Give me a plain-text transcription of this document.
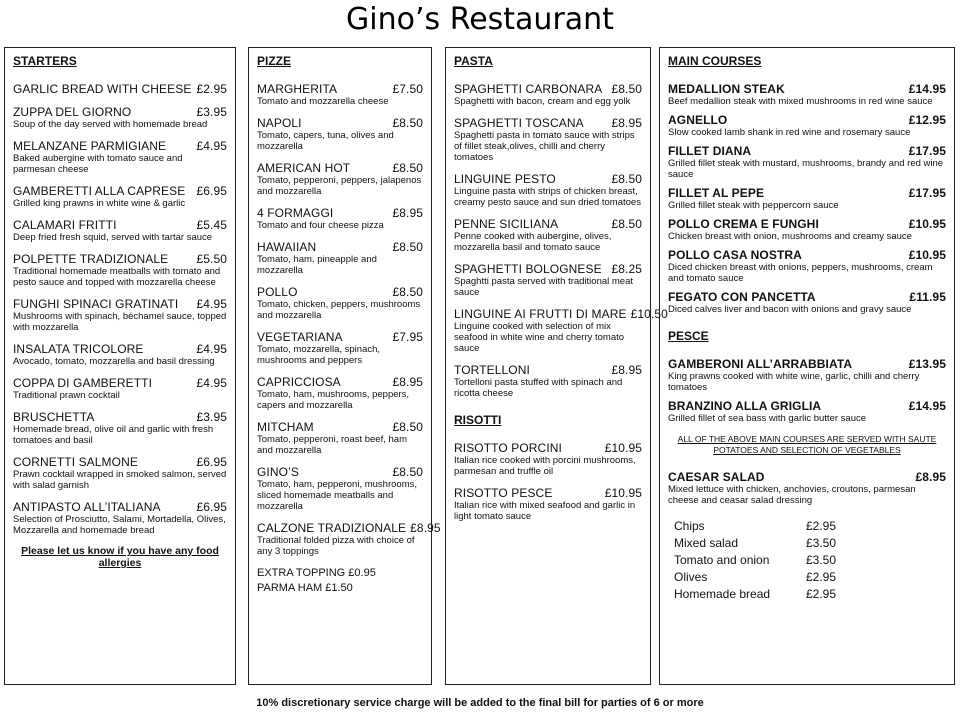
Gino’s Restaurant
STARTERS
GARLIC BREAD WITH CHEESE £2.95
ZUPPA DEL GIORNO	£3.95
Soup of the day served with homemade bread
MELANZANE PARMIGIANE	£4.95
Baked aubergine with tomato sauce and parmesan cheese
GAMBERETTI ALLA CAPRESE £6.95
Grilled king prawns in white wine & garlic
CALAMARI FRITTI	£5.45
Deep fried fresh squid, served with tartar sauce
POLPETTE TRADIZIONALE £5.50
Traditional homemade meatballs with tomato and pesto sauce and topped with mozzarella cheese
FUNGHI SPINACI GRATINATI £4.95
Mushrooms with spinach, béchamel sauce, topped with mozzarella
INSALATA TRICOLORE	£4.95
Avocado, tomato, mozzarella and basil dressing
COPPA DI GAMBERETTI	£4.95
Traditional prawn cocktail
BRUSCHETTA	£3.95
Homemade bread, olive oil and garlic with fresh tomatoes and basil
CORNETTI SALMONE	£6.95
Prawn cocktail wrapped in smoked salmon, served with salad garnish
ANTIPASTO ALL’ITALIANA	£6.95
Selection of Prosciutto, Salami, Mortadella, Olives, Mozzarella and homemade bread
Please let us know if you have any food allergies
PIZZE
MARGHERITA	£7.50
Tomato and mozzarella cheese
NAPOLI	£8.50
Tomato, capers, tuna, olives and mozzarella
AMERICAN HOT	£8.50
Tomato, pepperoni, peppers, jalapenos and mozzarella
4 FORMAGGI	£8.95
Tomato and four cheese pizza
HAWAIIAN	£8.50
Tomato, ham, pineapple and mozzarella
POLLO	£8.50
Tomato, chicken, peppers, mushrooms and mozzarella
VEGETARIANA	£7.95
Tomato, mozzarella, spinach, mushrooms and peppers
CAPRICCIOSA	£8.95
Tomato, ham, mushrooms, peppers, capers and mozzarella
MITCHAM	£8.50
Tomato, pepperoni, roast beef, ham and mozzarella
GINO’S	£8.50
Tomato, ham, pepperoni, mushrooms, sliced homemade meatballs and mozzarella
CALZONE TRADIZIONALE £8.95
Traditional folded pizza with choice of any 3 toppings
EXTRA TOPPING £0.95
PARMA HAM £1.50
PASTA
SPAGHETTI CARBONARA £8.50
Spaghetti with bacon, cream and egg yolk
SPAGHETTI TOSCANA £8.95
Spaghetti pasta in tomato sauce with strips of fillet steak,olives, chilli and cherry tomatoes
LINGUINE PESTO	£8.50
Linguine pasta with strips of chicken breast, creamy pesto sauce and sun dried tomatoes
PENNE SICILIANA	£8.50
Penne cooked with aubergine, olives, mozzarella basil and tomato sauce
SPAGHETTI BOLOGNESE £8.25
Spaghtti pasta served with traditional meat sauce
LINGUINE AI FRUTTI DI MARE £10.50
Linguine cooked with selection of mix seafood in white wine and cherry tomato sauce
TORTELLONI	£8.95
Tortelloni pasta stuffed with spinach and ricotta cheese
RISOTTI
RISOTTO PORCINI	£10.95
Italian rice cooked with porcini mushrooms, parmesan and truffle oil
RISOTTO PESCE	£10.95
Italian rice with mixed seafood and garlic in light tomato sauce
MAIN COURSES
MEDALLION STEAK	£14.95
Beef medallion steak with mixed mushrooms in red wine sauce
AGNELLO	£12.95
Slow cooked lamb shank in red wine and rosemary sauce
FILLET DIANA	£17.95
Grilled fillet steak with mustard, mushrooms, brandy and red wine sauce
FILLET AL PEPE	£17.95
Grilled fillet steak with peppercorn sauce
POLLO CREMA E FUNGHI	£10.95
Chicken breast with onion, mushrooms and creamy sauce
POLLO CASA NOSTRA	£10.95
Diced chicken breast with onions, peppers, mushrooms, cream and tomato sauce
FEGATO CON PANCETTA	£11.95
Diced calves liver and bacon with onions and gravy sauce
PESCE
GAMBERONI ALL’ARRABBIATA	£13.95
King prawns cooked with white wine, garlic, chilli and cherry tomatoes
BRANZINO ALLA GRIGLIA	£14.95
Grilled fillet of sea bass with garlic butter sauce
ALL OF THE ABOVE MAIN COURSES ARE SERVED WITH SAUTE POTATOES AND SELECTION OF VEGETABLES
CAESAR SALAD	£8.95
Mixed lettuce with chicken, anchovies, croutons, parmesan cheese and ceasar salad dressing
Chips	£2.95
Mixed salad	£3.50
Tomato and onion	£3.50
Olives	£2.95
Homemade bread	£2.95
10% discretionary service charge will be added to the final bill for parties of 6 or more
